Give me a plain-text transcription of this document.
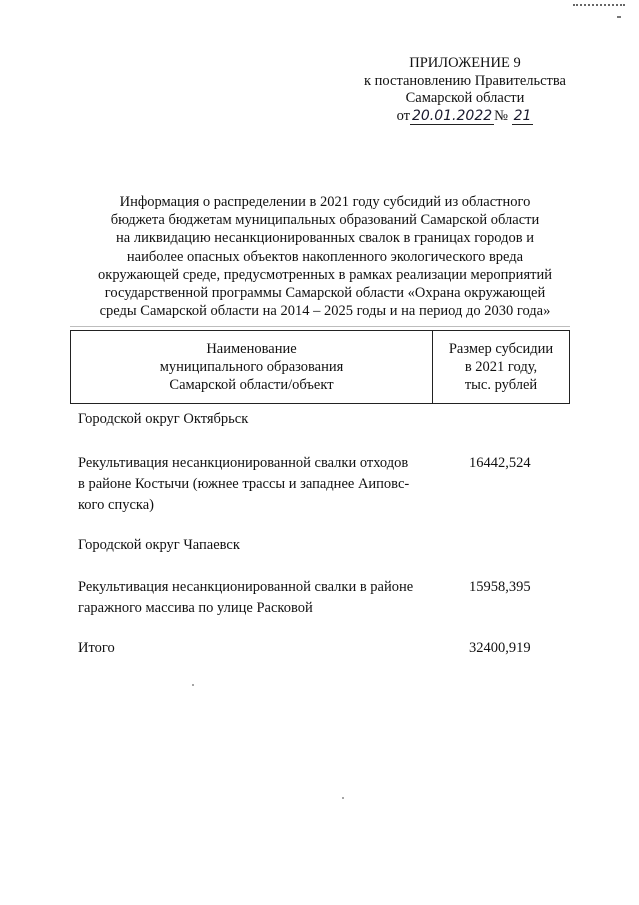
ПРИЛОЖЕНИЕ 9
к постановлению Правительства
Самарской области
от 20.01.2022 № 21
Информация о распределении в 2021 году субсидий из областного
бюджета бюджетам муниципальных образований Самарской области
на ликвидацию несанкционированных свалок в границах городов и
наиболее опасных объектов накопленного экологического вреда
окружающей среде, предусмотренных в рамках реализации мероприятий
государственной программы Самарской области «Охрана окружающей
среды Самарской области на 2014 – 2025 годы и на период до 2030 года»
Наименование
муниципального образования
Самарской области/объект
Размер субсидии
в 2021 году,
тыс. рублей
Городской округ Октябрьск
Рекультивация несанкционированной свалки отходов
в районе Костычи (южнее трассы и западнее Аиповс-
кого спуска)
16442,524
Городской округ Чапаевск
Рекультивация несанкционированной свалки в районе
гаражного массива по улице Расковой
15958,395
Итого	32400,919
